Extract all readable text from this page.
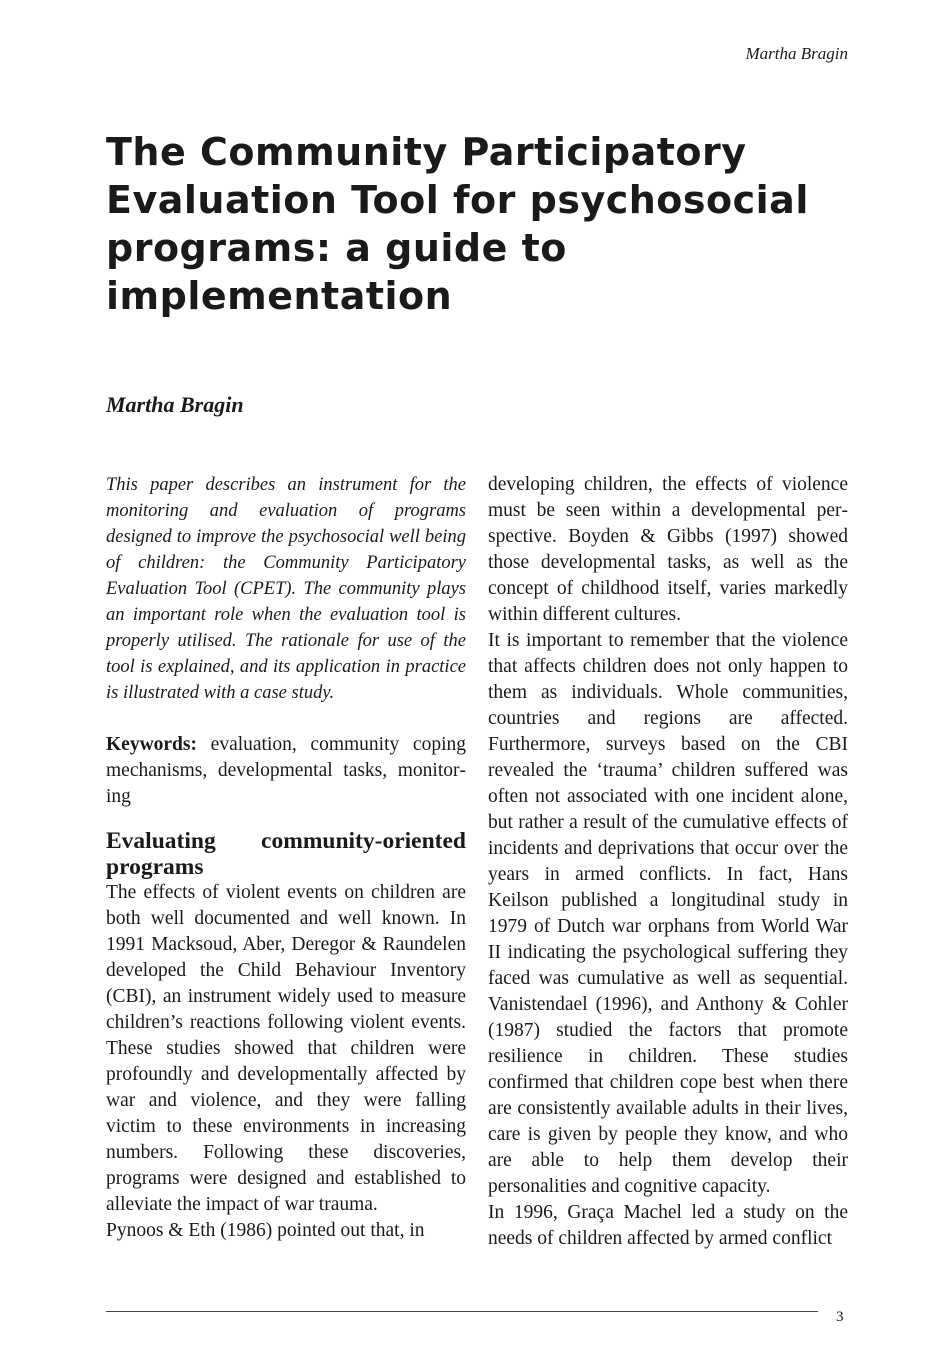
Martha Bragin
The Community Participatory Evaluation Tool for psychosocial programs: a guide to implementation
Martha Bragin

This paper describes an instrument for the monitoring and evaluation of programs designed to improve the psychosocial well being of children: the Community Participatory Evaluation Tool (CPET). The community plays an important role when the evaluation tool is properly utilised. The rationale for use of the tool is explained, and its application in practice is illustrated with a case study.

Keywords: evaluation, community coping mechanisms, developmental tasks, monitoring

Evaluating community-oriented programs

The effects of violent events on children are both well documented and well known. In 1991 Macksoud, Aber, Deregor & Raundelen developed the Child Behaviour Inventory (CBI), an instrument widely used to measure children’s reactions following violent events. These studies showed that children were profoundly and developmentally affected by war and violence, and they were falling victim to these environments in increasing numbers. Following these discoveries, programs were designed and established to alleviate the impact of war trauma.

Pynoos & Eth (1986) pointed out that, in

developing children, the effects of violence must be seen within a developmental perspective. Boyden & Gibbs (1997) showed those developmental tasks, as well as the concept of childhood itself, varies markedly within different cultures.

It is important to remember that the violence that affects children does not only happen to them as individuals. Whole communities, countries and regions are affected. Furthermore, surveys based on the CBI revealed the ‘trauma’ children suffered was often not associated with one incident alone, but rather a result of the cumulative effects of incidents and deprivations that occur over the years in armed conflicts. In fact, Hans Keilson published a longitudinal study in 1979 of Dutch war orphans from World War II indicating the psychological suffering they faced was cumulative as well as sequential. Vanistendael (1996), and Anthony & Cohler (1987) studied the factors that promote resilience in children. These studies confirmed that children cope best when there are consistently available adults in their lives, care is given by people they know, and who are able to help them develop their personalities and cognitive capacity.

In 1996, Graça Machel led a study on the needs of children affected by armed conflict

3
